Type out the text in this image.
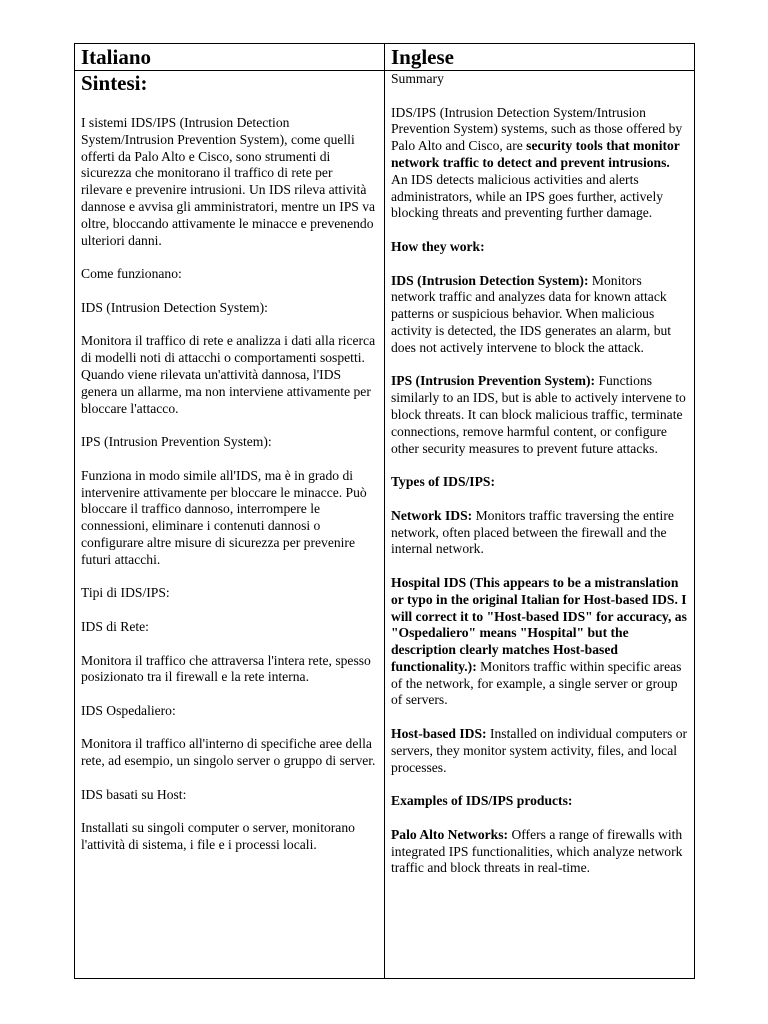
Italiano	Inglese

Sintesi:

I sistemi IDS/IPS (Intrusion Detection System/Intrusion Prevention System), come quelli offerti da Palo Alto e Cisco, sono strumenti di sicurezza che monitorano il traffico di rete per rilevare e prevenire intrusioni. Un IDS rileva attività dannose e avvisa gli amministratori, mentre un IPS va oltre, bloccando attivamente le minacce e prevenendo ulteriori danni.

Come funzionano:

IDS (Intrusion Detection System):

Monitora il traffico di rete e analizza i dati alla ricerca di modelli noti di attacchi o comportamenti sospetti. Quando viene rilevata un'attività dannosa, l'IDS genera un allarme, ma non interviene attivamente per bloccare l'attacco.

IPS (Intrusion Prevention System):

Funziona in modo simile all'IDS, ma è in grado di intervenire attivamente per bloccare le minacce. Può bloccare il traffico dannoso, interrompere le connessioni, eliminare i contenuti dannosi o configurare altre misure di sicurezza per prevenire futuri attacchi.

Tipi di IDS/IPS:

IDS di Rete:

Monitora il traffico che attraversa l'intera rete, spesso posizionato tra il firewall e la rete interna.

IDS Ospedaliero:

Monitora il traffico all'interno di specifiche aree della rete, ad esempio, un singolo server o gruppo di server.

IDS basati su Host:

Installati su singoli computer o server, monitorano l'attività di sistema, i file e i processi locali.

Summary

IDS/IPS (Intrusion Detection System/Intrusion Prevention System) systems, such as those offered by Palo Alto and Cisco, are security tools that monitor network traffic to detect and prevent intrusions. An IDS detects malicious activities and alerts administrators, while an IPS goes further, actively blocking threats and preventing further damage.

How they work:

IDS (Intrusion Detection System): Monitors network traffic and analyzes data for known attack patterns or suspicious behavior. When malicious activity is detected, the IDS generates an alarm, but does not actively intervene to block the attack.

IPS (Intrusion Prevention System): Functions similarly to an IDS, but is able to actively intervene to block threats. It can block malicious traffic, terminate connections, remove harmful content, or configure other security measures to prevent future attacks.

Types of IDS/IPS:

Network IDS: Monitors traffic traversing the entire network, often placed between the firewall and the internal network.

Hospital IDS (This appears to be a mistranslation or typo in the original Italian for Host-based IDS. I will correct it to "Host-based IDS" for accuracy, as "Ospedaliero" means "Hospital" but the description clearly matches Host-based functionality.): Monitors traffic within specific areas of the network, for example, a single server or group of servers.

Host-based IDS: Installed on individual computers or servers, they monitor system activity, files, and local processes.

Examples of IDS/IPS products:

Palo Alto Networks: Offers a range of firewalls with integrated IPS functionalities, which analyze network traffic and block threats in real-time.
